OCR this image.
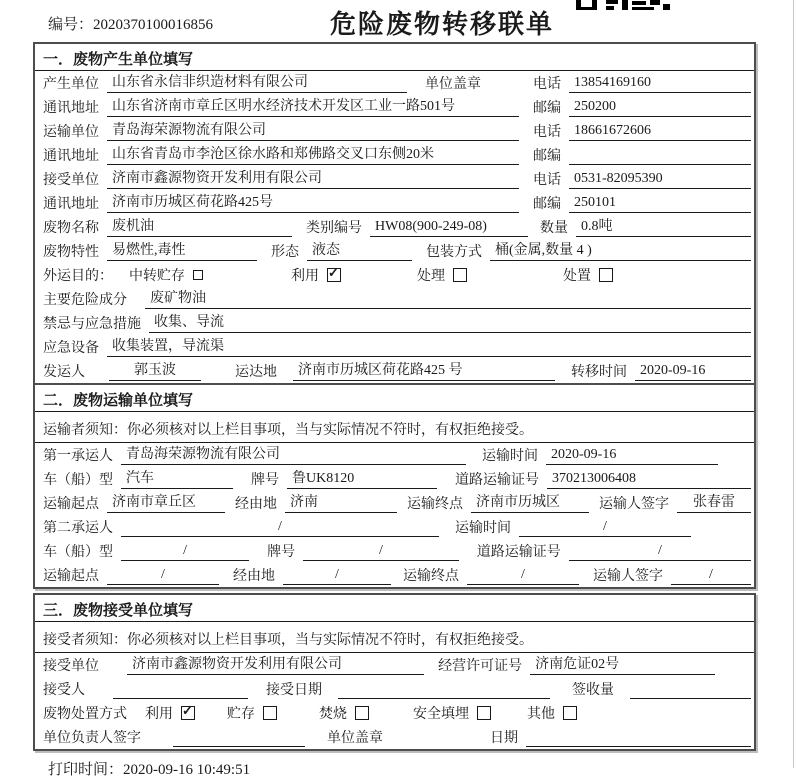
编号：2020370100016856	危险废物转移联单
一．废物产生单位填写
产生单位 山东省永信非织造材料有限公司	单位盖章	电话 13854169160
通讯地址 山东省济南市章丘区明水经济技术开发区工业一路501号	邮编 250200
运输单位 青岛海荣源物流有限公司	电话 18661672606
通讯地址 山东省青岛市李沧区徐水路和郑佛路交叉口东侧20米	邮编
接受单位 济南市鑫源物资开发利用有限公司	电话 0531-82095390
通讯地址 济南市历城区荷花路425号	邮编 250101
废物名称 废机油	类别编号 HW08(900-249-08)	数量 0.8吨
废物特性 易燃性,毒性	形态 液态	包装方式 桶(金属,数量 4 )
外运目的： 中转贮存	利用 ✓	处理	处置
主要危险成分	废矿物油
禁忌与应急措施 收集、导流
应急设备 收集装置，导流渠
发运人	郭玉波	运达地	济南市历城区荷花路425 号	转移时间 2020-09-16
二．废物运输单位填写
运输者须知：你必须核对以上栏目事项，当与实际情况不符时，有权拒绝接受。
第一承运人 青岛海荣源物流有限公司	运输时间 2020-09-16
车（船）型 汽车	牌号 鲁UK8120	道路运输证号 370213006408
运输起点 济南市章丘区	经由地 济南	运输终点 济南市历城区	运输人签字	张春雷
第二承运人	/	运输时间	/
车（船）型	/	牌号	/	道路运输证号	/
运输起点	/	经由地	/	运输终点	/	运输人签字	/
三．废物接受单位填写
接受者须知：你必须核对以上栏目事项，当与实际情况不符时，有权拒绝接受。
接受单位	济南市鑫源物资开发利用有限公司	经营许可证号 济南危证02号
接受人	接受日期	签收量
废物处置方式 利用 ✓	贮存	焚烧	安全填埋	其他
单位负责人签字	单位盖章	日期
打印时间：2020-09-16 10:49:51
